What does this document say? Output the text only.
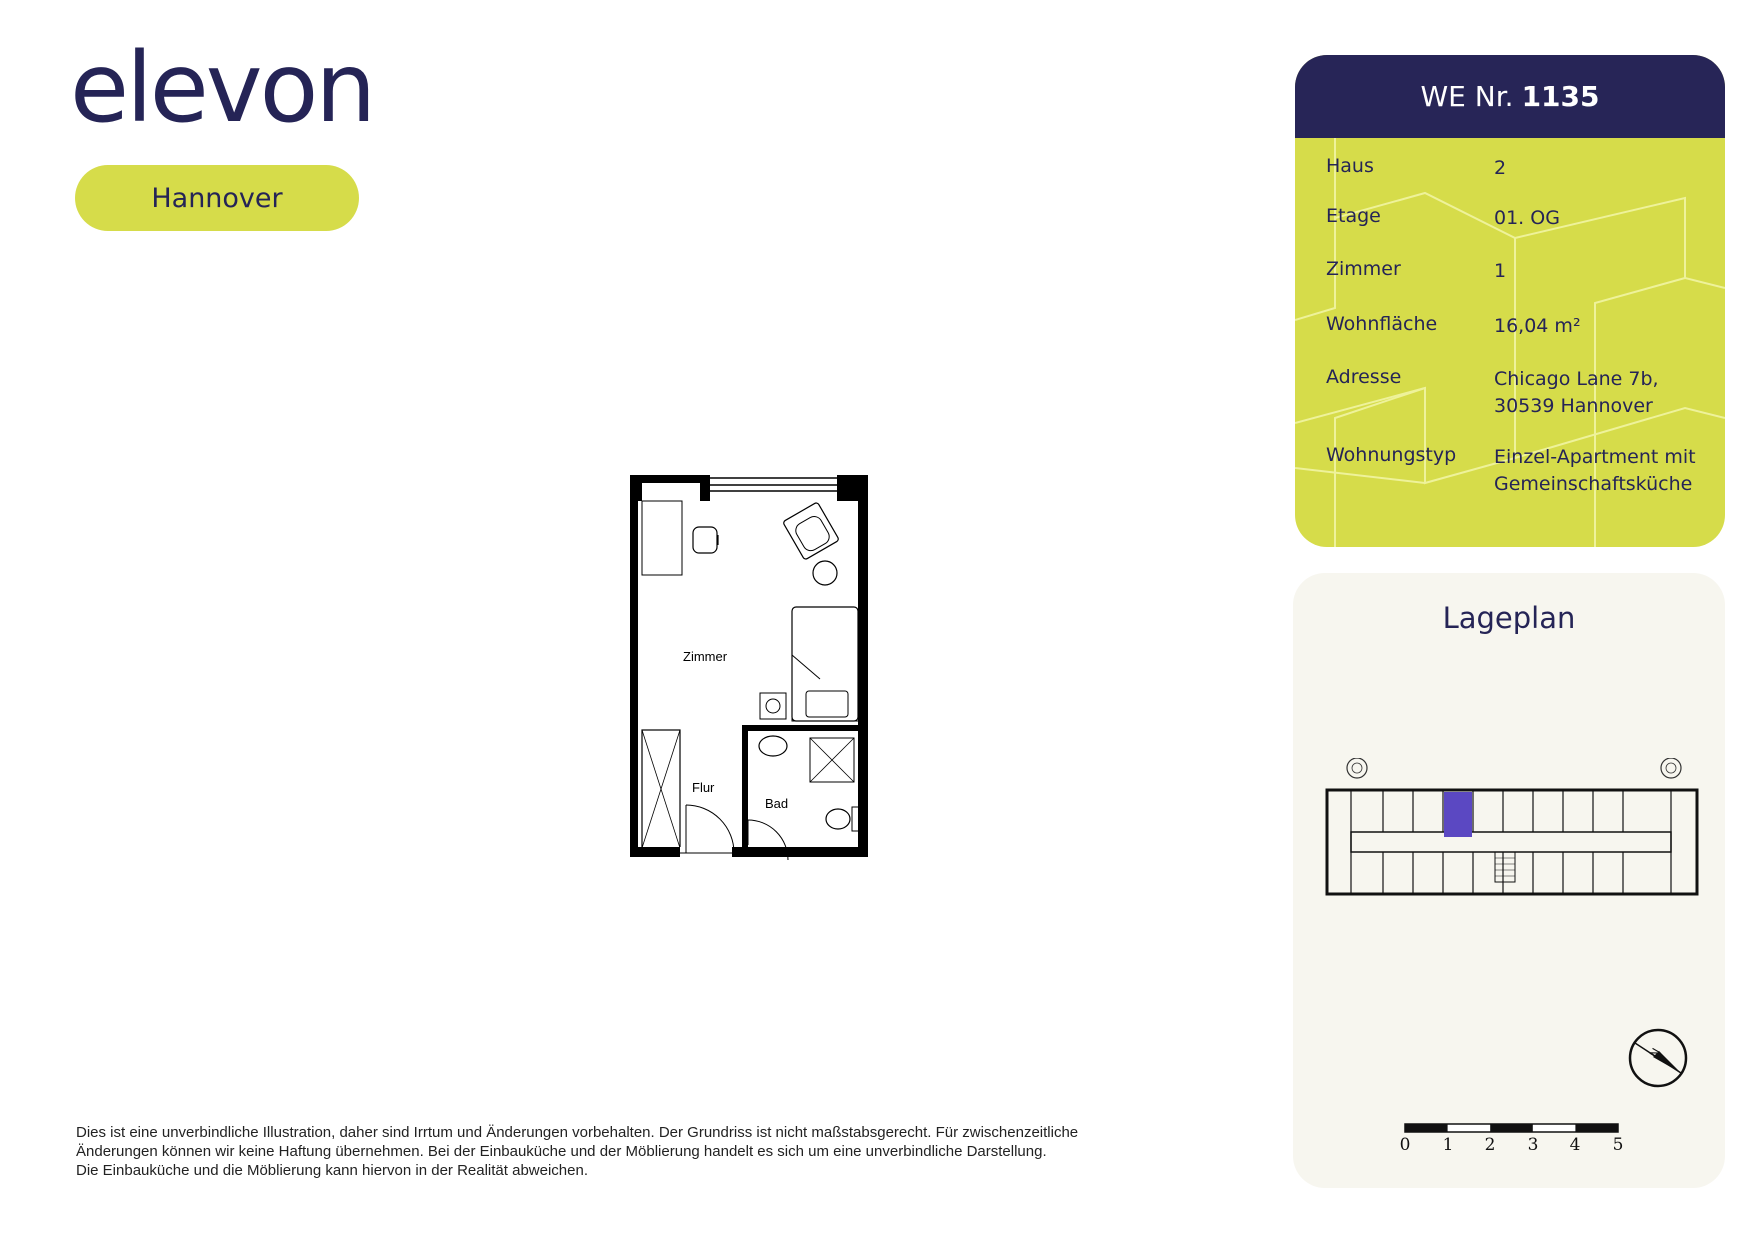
elevon
Hannover
Zimmer
Flur
Bad
WE Nr. 1135
Haus	2
Etage	01. OG
Zimmer	1
Wohnfläche	16,04 m²
Adresse	Chicago Lane 7b,
30539 Hannover
Wohnungstyp Einzel-Apartment mit
Gemeinschaftsküche
Lageplan
N
0 1 2 3 4 5
Dies ist eine unverbindliche Illustration, daher sind Irrtum und Änderungen vorbehalten. Der Grundriss ist nicht maßstabsgerecht. Für zwischenzeitliche
Änderungen können wir keine Haftung übernehmen. Bei der Einbauküche und der Möblierung handelt es sich um eine unverbindliche Darstellung.
Die Einbauküche und die Möblierung kann hiervon in der Realität abweichen.
